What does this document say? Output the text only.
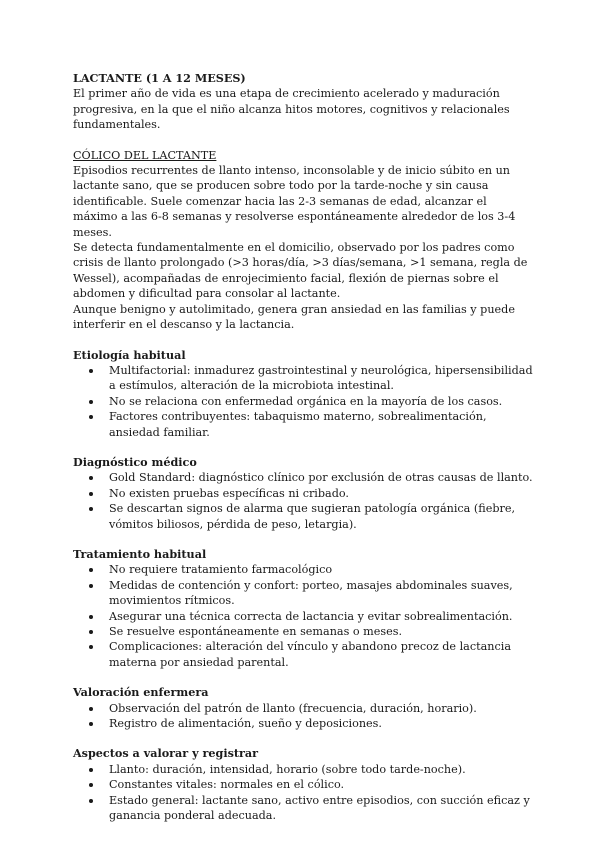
LACTANTE (1 A 12 MESES)

El primer año de vida es una etapa de crecimiento acelerado y maduración progresiva, en la que el niño alcanza hitos motores, cognitivos y relacionales fundamentales.

CÓLICO DEL LACTANTE

Episodios recurrentes de llanto intenso, inconsolable y de inicio súbito en un lactante sano, que se producen sobre todo por la tarde-noche y sin causa identificable. Suele comenzar hacia las 2-3 semanas de edad, alcanzar el máximo a las 6-8 semanas y resolverse espontáneamente alrededor de los 3-4 meses.

Se detecta fundamentalmente en el domicilio, observado por los padres como crisis de llanto prolongado (>3 horas/día, >3 días/semana, >1 semana, regla de Wessel), acompañadas de enrojecimiento facial, flexión de piernas sobre el abdomen y dificultad para consolar al lactante.

Aunque benigno y autolimitado, genera gran ansiedad en las familias y puede interferir en el descanso y la lactancia.

Etiología habitual

Multifactorial: inmadurez gastrointestinal y neurológica, hipersensibilidad a estímulos, alteración de la microbiota intestinal.
No se relaciona con enfermedad orgánica en la mayoría de los casos.
Factores contribuyentes: tabaquismo materno, sobrealimentación, ansiedad familiar.

Diagnóstico médico

Gold Standard: diagnóstico clínico por exclusión de otras causas de llanto.
No existen pruebas específicas ni cribado.
Se descartan signos de alarma que sugieran patología orgánica (fiebre, vómitos biliosos, pérdida de peso, letargia).

Tratamiento habitual

No requiere tratamiento farmacológico
Medidas de contención y confort: porteo, masajes abdominales suaves, movimientos rítmicos.
Asegurar una técnica correcta de lactancia y evitar sobrealimentación.
Se resuelve espontáneamente en semanas o meses.
Complicaciones: alteración del vínculo y abandono precoz de lactancia materna por ansiedad parental.

Valoración enfermera

Observación del patrón de llanto (frecuencia, duración, horario).
Registro de alimentación, sueño y deposiciones.

Aspectos a valorar y registrar

Llanto: duración, intensidad, horario (sobre todo tarde-noche).
Constantes vitales: normales en el cólico.
Estado general: lactante sano, activo entre episodios, con succión eficaz y ganancia ponderal adecuada.
